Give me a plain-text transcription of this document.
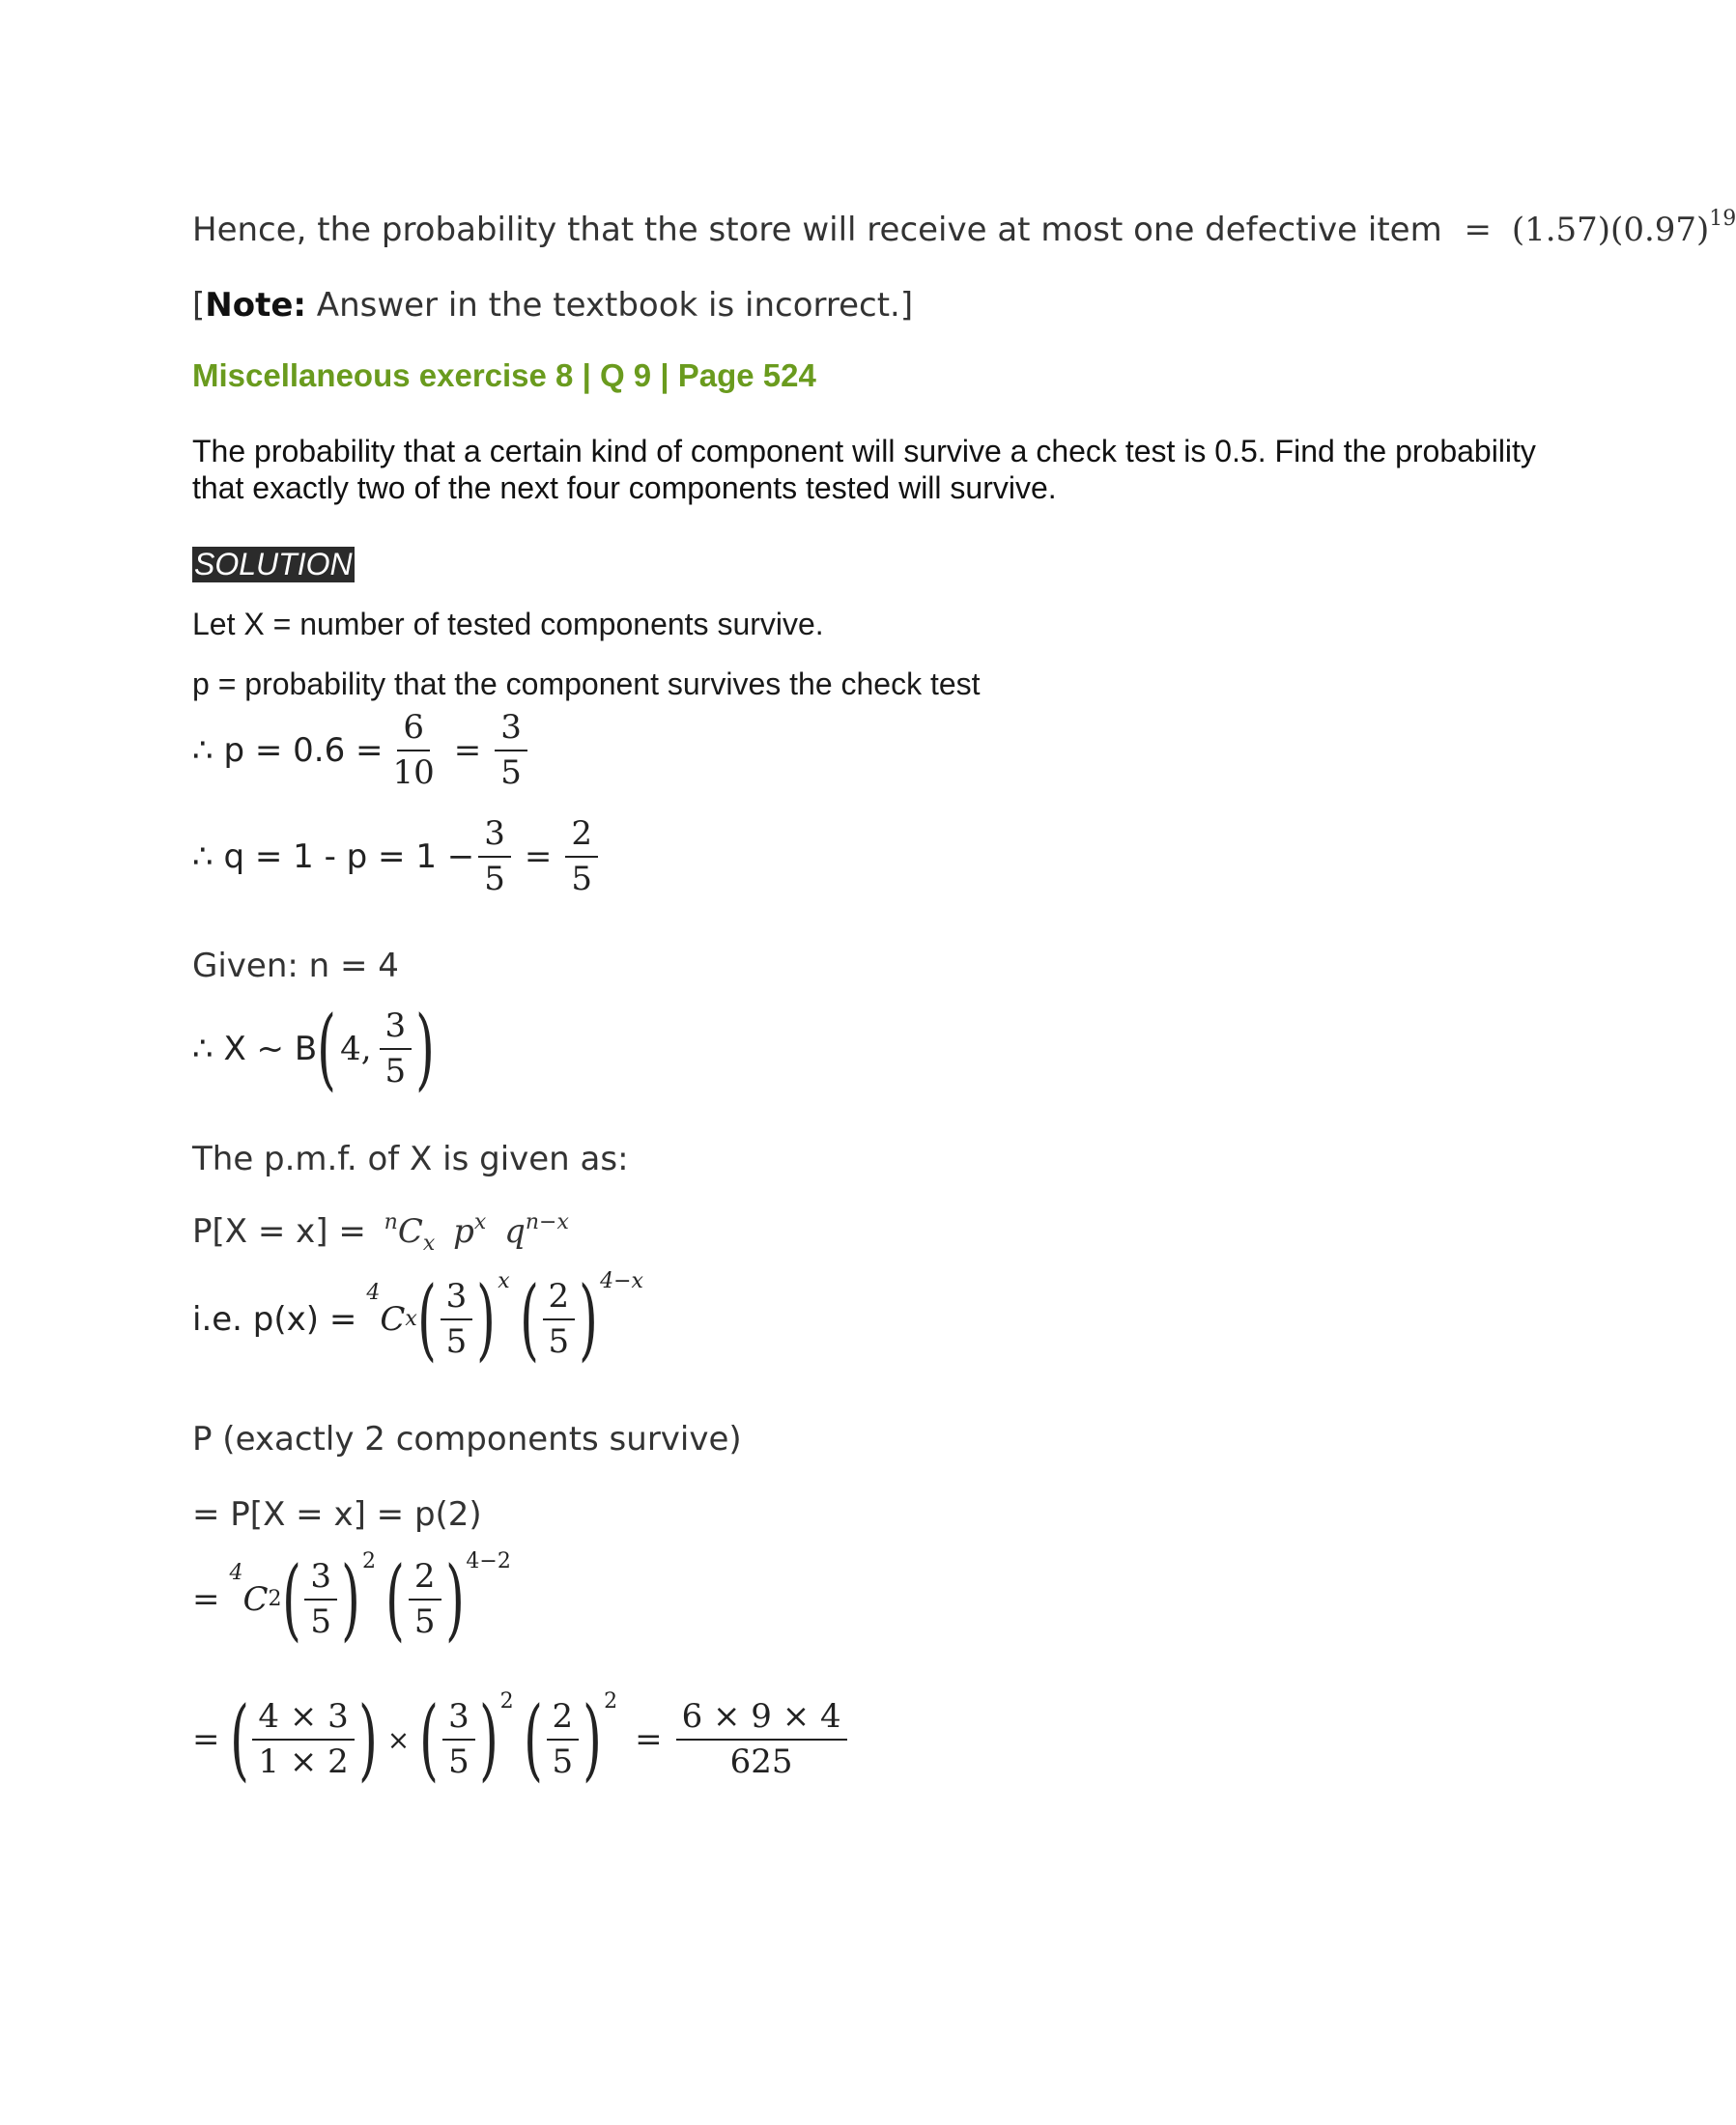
Hence, the probability that the store will receive at most one defective item = $(1.57)(0.97)^{19}$
[Note: Answer in the textbook is incorrect.]
Miscellaneous exercise 8 | Q 9 | Page 524
The probability that a certain kind of component will survive a check test is 0.5. Find the probability that exactly two of the next four components tested will survive.
SOLUTION
Let X = number of tested components survive.
p = probability that the component survives the check test
∴ $p = 0.6 = \frac{6}{10} = \frac{3}{5}$
∴ $q = 1 - p = 1 - \frac{3}{5} = \frac{2}{5}$
Given: n = 4
∴ X ~ B ( 4, $\frac{3}{5}$ )
The p.m.f. of X is given as:
$P[X = x] = ^nC_x$ $p^x$ $q^{n-x}$
i.e. p(x) =
4
C x ( $\frac{3}{5}$ ) x ( $\frac{2}{5}$ ) 4−x
P (exactly 2 components survive)
= P[X = x] = p(2)
=
4
C 2 ( $\frac{3}{5}$ ) 2 ( $\frac{2}{5}$ ) 4−2
= ( $\frac{4 \times 3}{1 \times 2}$ ) × ( $\frac{3}{5}$ ) 2 ( $\frac{2}{5}$ ) 2
= $\frac{6 \times 9 \times 4}{625}$
